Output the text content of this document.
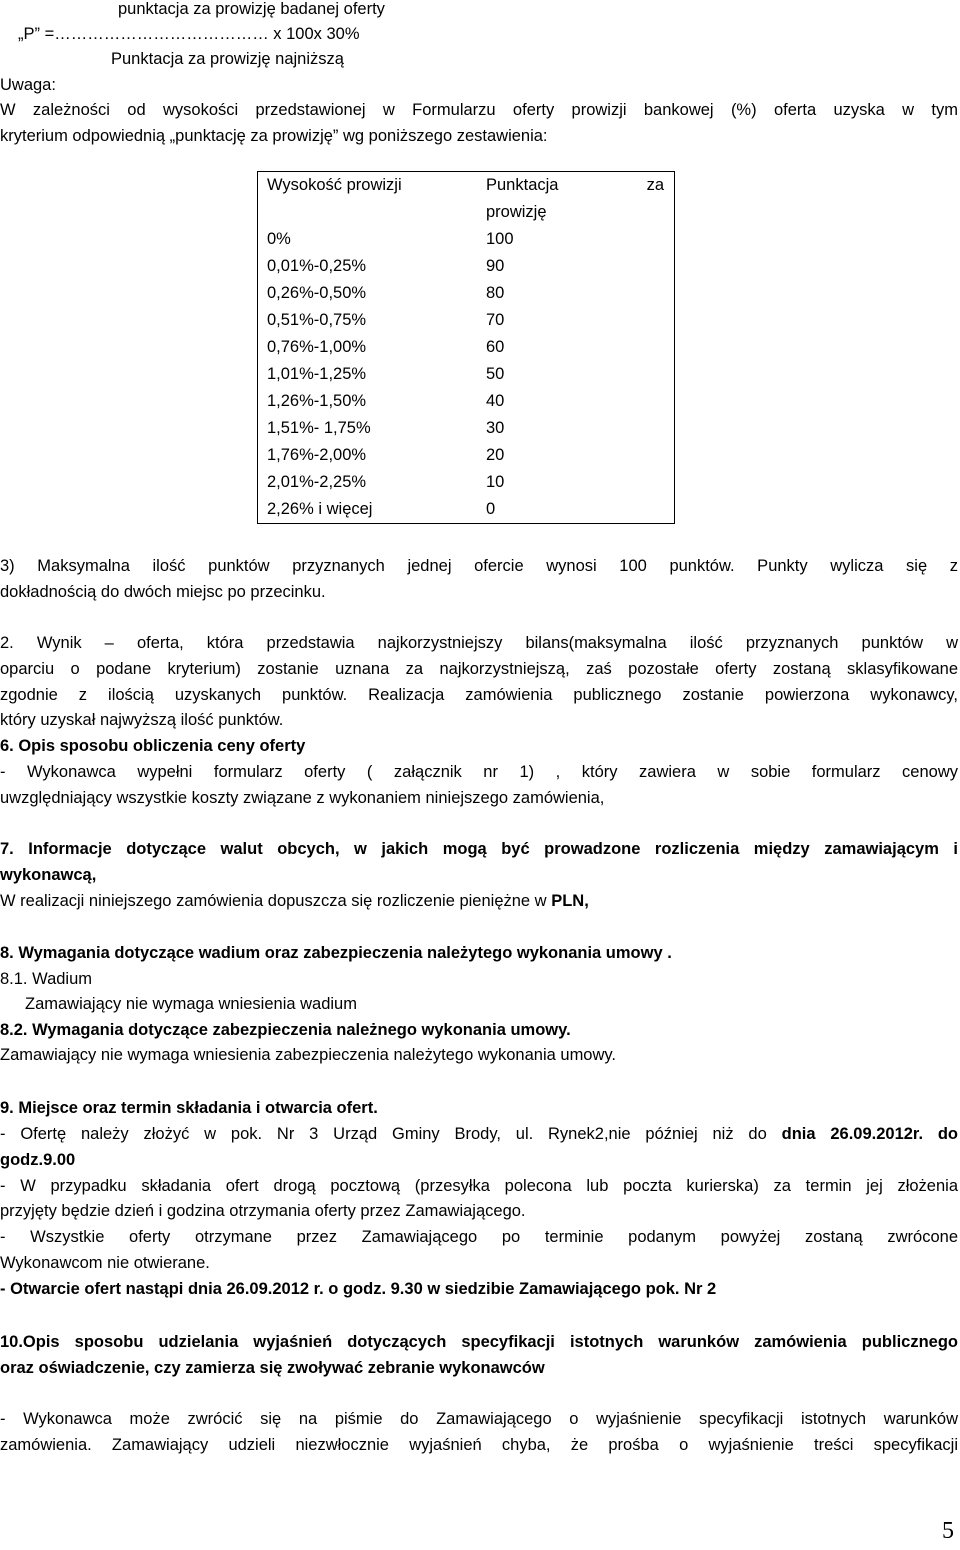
punktacja za prowizję badanej oferty
„P” =………………………………… x 100x 30%
Punktacja za prowizję najniższą
Uwaga:
W zależności od wysokości przedstawionej w Formularzu oferty prowizji bankowej (%) oferta uzyska w tym
kryterium odpowiednią „punktację za prowizję” wg poniższego zestawienia:
Wysokość prowizji	Punktacja za
prowizję

0%	100
0,01%-0,25%	90
0,26%-0,50%	80
0,51%-0,75%	70
0,76%-1,00%	60
1,01%-1,25%	50
1,26%-1,50%	40
1,51%- 1,75%	30
1,76%-2,00%	20
2,01%-2,25%	10
2,26% i więcej	0
3) Maksymalna ilość punktów przyznanych jednej ofercie wynosi 100 punktów. Punkty wylicza się z
dokładnością do dwóch miejsc po przecinku.
2. Wynik – oferta, która przedstawia najkorzystniejszy bilans(maksymalna ilość przyznanych punktów w
oparciu o podane kryterium) zostanie uznana za najkorzystniejszą, zaś pozostałe oferty zostaną sklasyfikowane
zgodnie z ilością uzyskanych punktów. Realizacja zamówienia publicznego zostanie powierzona wykonawcy,
który uzyskał najwyższą ilość punktów.
6. Opis sposobu obliczenia ceny oferty
- Wykonawca wypełni formularz oferty ( załącznik nr 1) , który zawiera w sobie formularz cenowy
uwzględniający wszystkie koszty związane z wykonaniem niniejszego zamówienia,
7. Informacje dotyczące walut obcych, w jakich mogą być prowadzone rozliczenia między zamawiającym i
wykonawcą,
W realizacji niniejszego zamówienia dopuszcza się rozliczenie pieniężne w PLN,
8. Wymagania dotyczące wadium oraz zabezpieczenia należytego wykonania umowy .
8.1. Wadium
Zamawiający nie wymaga wniesienia wadium
8.2. Wymagania dotyczące zabezpieczenia należnego wykonania umowy.
Zamawiający nie wymaga wniesienia zabezpieczenia należytego wykonania umowy.
9. Miejsce oraz termin składania i otwarcia ofert.
- Ofertę należy złożyć w pok. Nr 3 Urząd Gminy Brody, ul. Rynek2,nie później niż do dnia 26.09.2012r. do
godz.9.00
- W przypadku składania ofert drogą pocztową (przesyłka polecona lub poczta kurierska) za termin jej złożenia
przyjęty będzie dzień i godzina otrzymania oferty przez Zamawiającego.
- Wszystkie oferty otrzymane przez Zamawiającego po terminie podanym powyżej zostaną zwrócone
Wykonawcom nie otwierane.
- Otwarcie ofert nastąpi dnia 26.09.2012 r. o godz. 9.30 w siedzibie Zamawiającego pok. Nr 2
10.Opis sposobu udzielania wyjaśnień dotyczących specyfikacji istotnych warunków zamówienia publicznego
oraz oświadczenie, czy zamierza się zwoływać zebranie wykonawców
- Wykonawca może zwrócić się na piśmie do Zamawiającego o wyjaśnienie specyfikacji istotnych warunków
zamówienia. Zamawiający udzieli niezwłocznie wyjaśnień chyba, że prośba o wyjaśnienie treści specyfikacji
5
